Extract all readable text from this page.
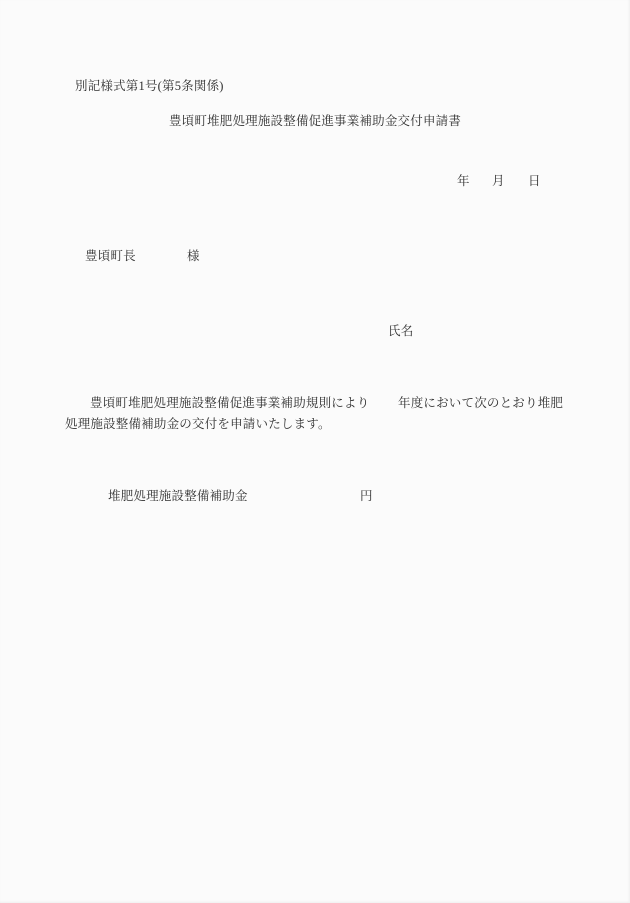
別記様式第1号(第5条関係)
豊頃町堆肥処理施設整備促進事業補助金交付申請書
年 月 日
豊頃町長	様
氏名
豊頃町堆肥処理施設整備促進事業補助規則により 年度において次のとおり堆肥
処理施設整備補助金の交付を申請いたします。
堆肥処理施設整備補助金	円
